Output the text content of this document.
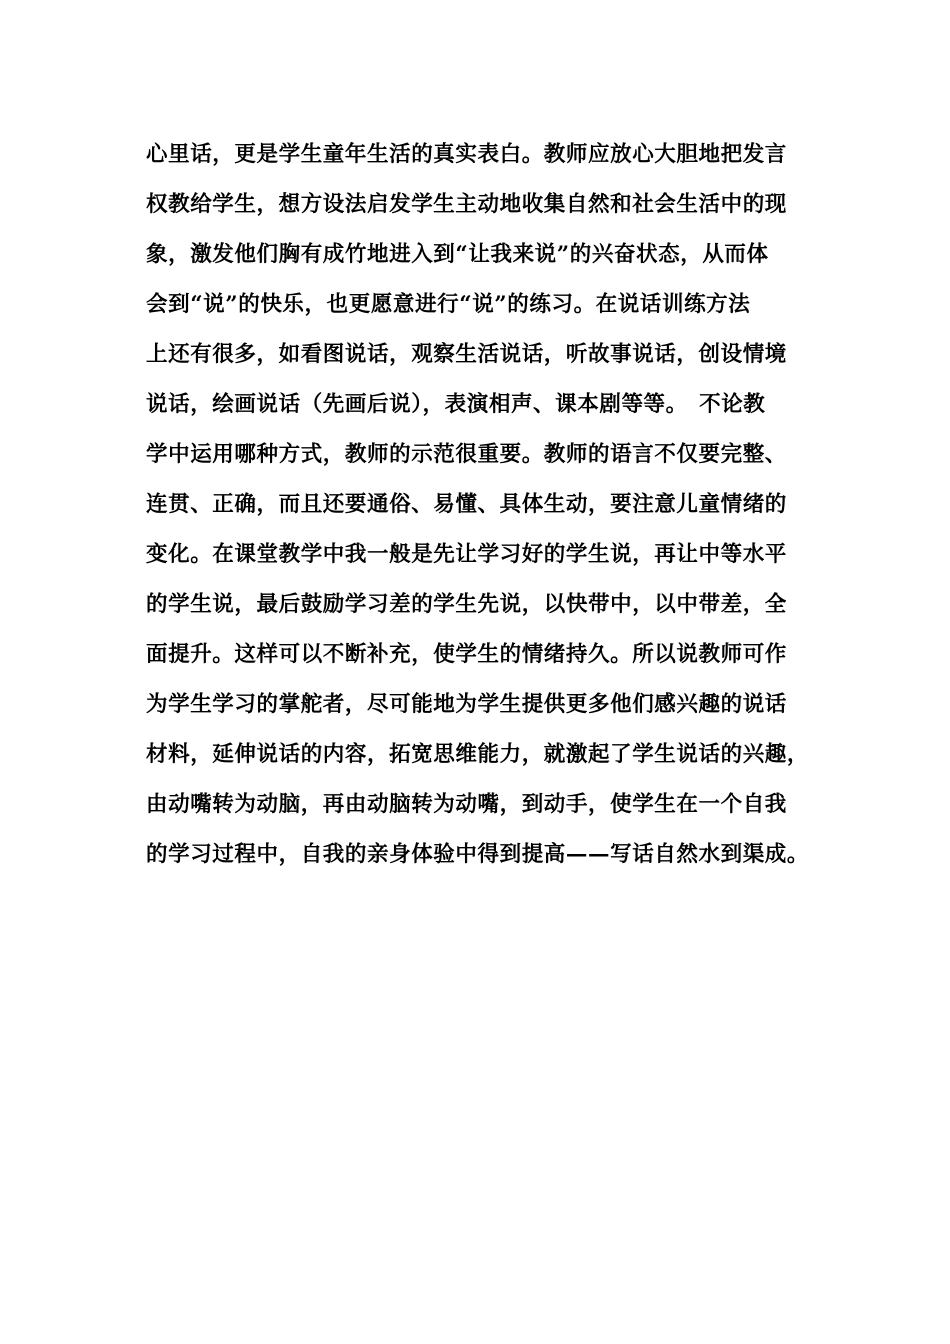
心里话，更是学生童年生活的真实表白。教师应放心大胆地把发言
权教给学生，想方设法启发学生主动地收集自然和社会生活中的现
象，激发他们胸有成竹地进入到“让我来说”的兴奋状态，从而体
会到“说”的快乐，也更愿意进行“说”的练习。在说话训练方法
上还有很多，如看图说话，观察生活说话，听故事说话，创设情境
说话，绘画说话（先画后说），表演相声、课本剧等等。　不论教
学中运用哪种方式，教师的示范很重要。教师的语言不仅要完整、
连贯、正确，而且还要通俗、易懂、具体生动，要注意儿童情绪的
变化。在课堂教学中我一般是先让学习好的学生说，再让中等水平
的学生说，最后鼓励学习差的学生先说，以快带中，以中带差，全
面提升。这样可以不断补充，使学生的情绪持久。所以说教师可作
为学生学习的掌舵者，尽可能地为学生提供更多他们感兴趣的说话
材料，延伸说话的内容，拓宽思维能力，就激起了学生说话的兴趣，
由动嘴转为动脑，再由动脑转为动嘴，到动手，使学生在一个自我
的学习过程中，自我的亲身体验中得到提高——写话自然水到渠成。
